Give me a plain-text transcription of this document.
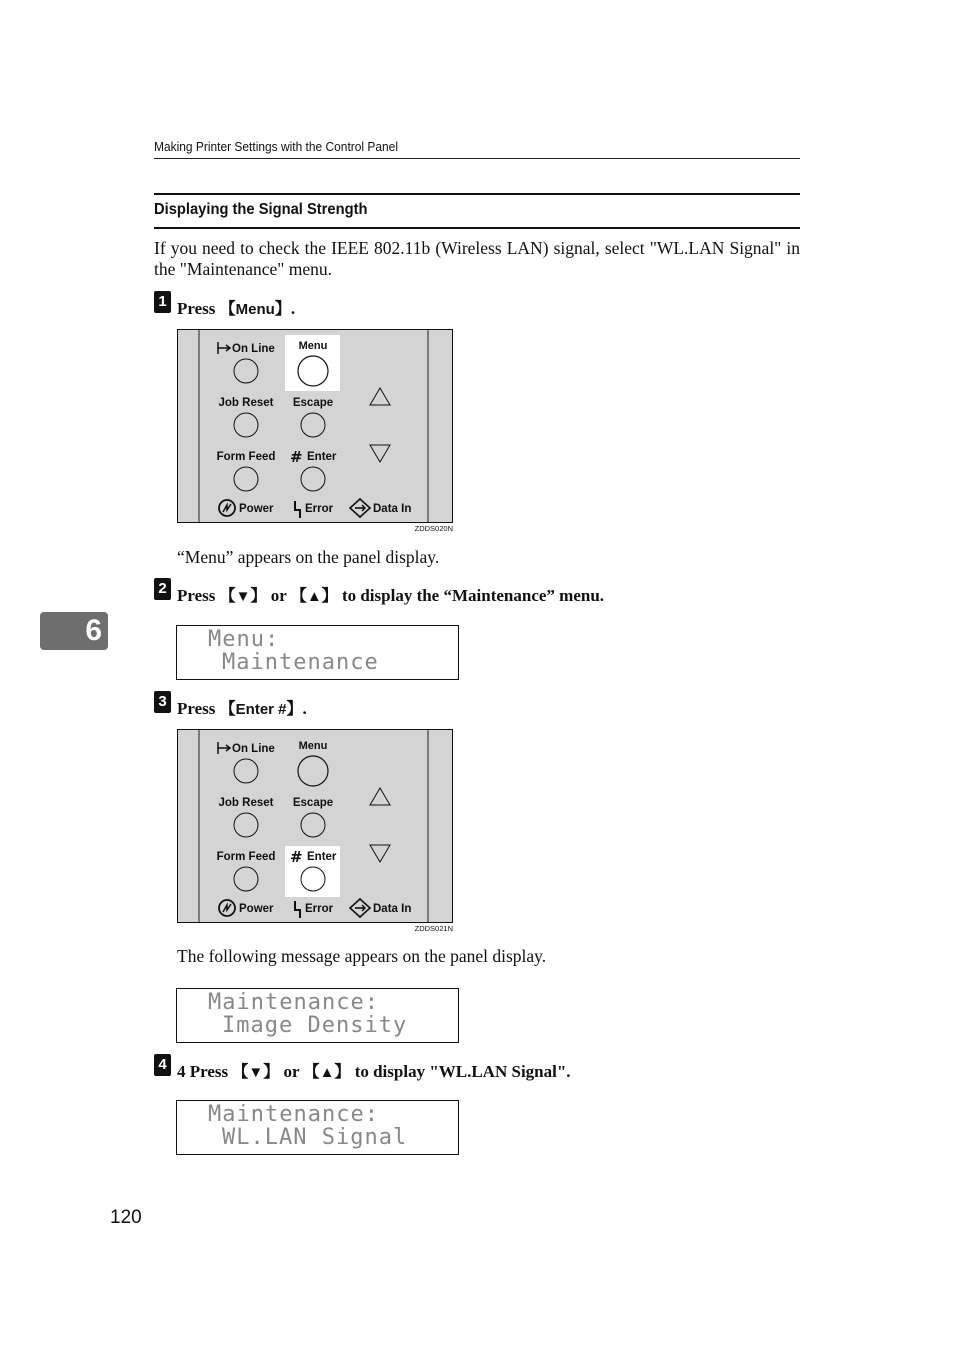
Making Printer Settings with the Control Panel
Displaying the Signal Strength
If you need to check the IEEE 802.11b (Wireless LAN) signal, select "WL.LAN Signal" in the "Maintenance" menu.
6
1 Press 【Menu】.
On Line Menu
Job Reset Escape
Form Feed # Enter
Power	Error	Data In
ZDDS020N
“Menu” appears on the panel display.
2 Press 【▼】 or 【▲】 to display the “Maintenance” menu.
Menu:
Maintenance
3 Press 【Enter #】.
On Line Menu
Job Reset Escape
Form Feed # Enter
Power	Error	Data In
ZDDS021N
The following message appears on the panel display.
Maintenance:
Image Density
4 4 Press 【▼】 or 【▲】 to display "WL.LAN Signal".
Maintenance:
WL.LAN Signal
120
